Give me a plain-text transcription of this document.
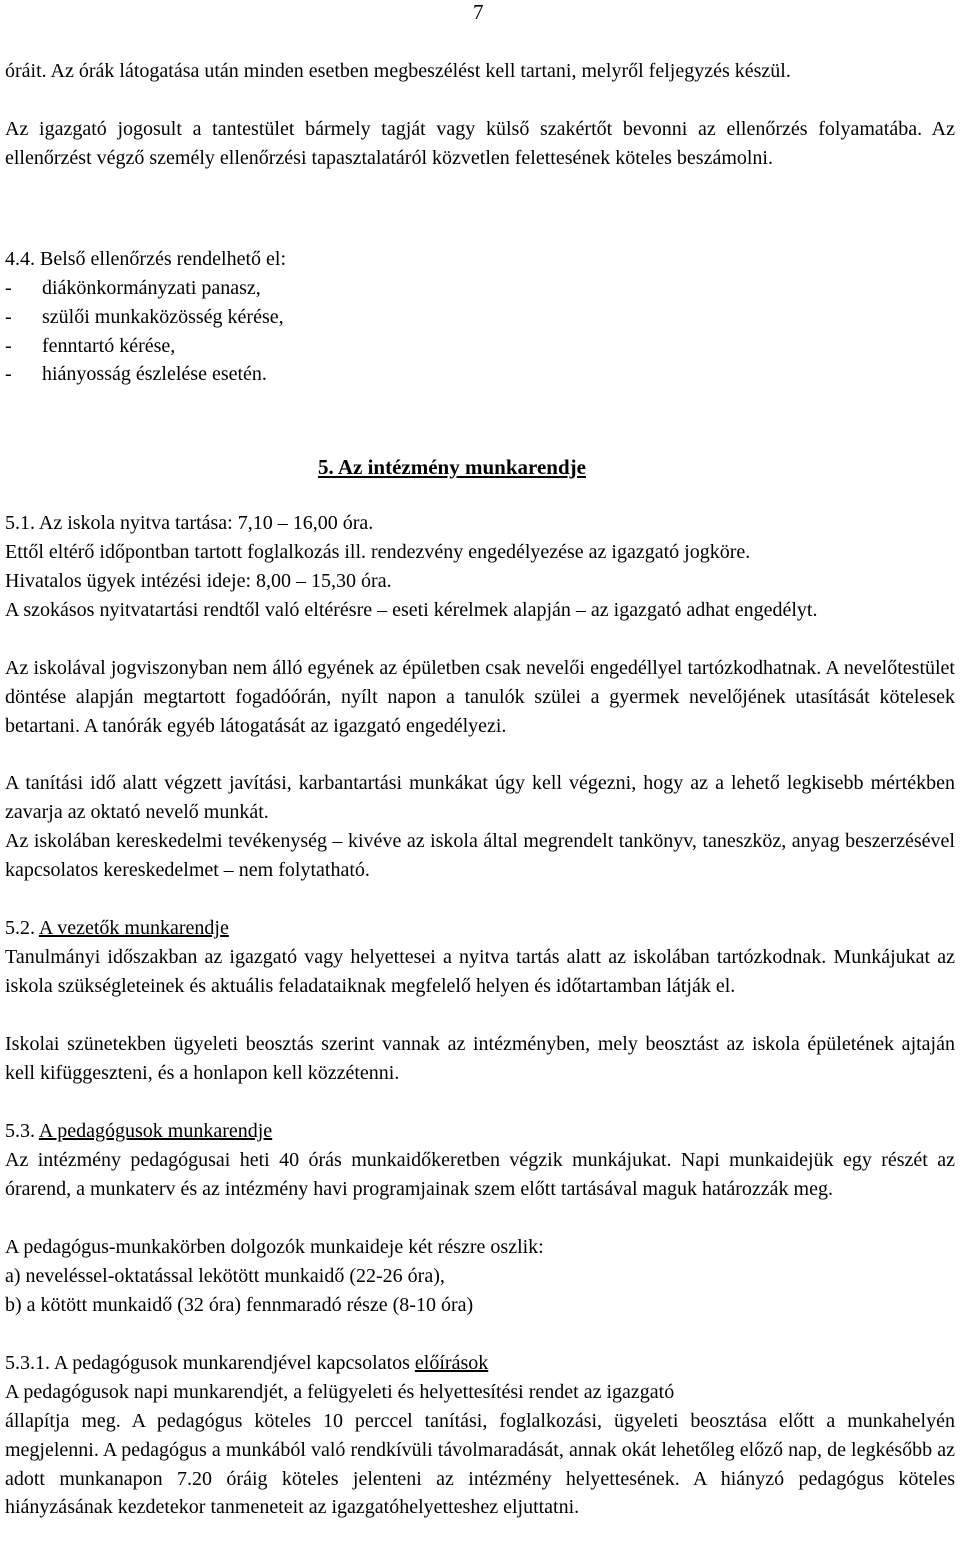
7

óráit. Az órák látogatása után minden esetben megbeszélést kell tartani, melyről feljegyzés készül.

Az igazgató jogosult a tantestület bármely tagját vagy külső szakértőt bevonni az ellenőrzés folyamatába. Az ellenőrzést végző személy ellenőrzési tapasztalatáról közvetlen felettesének köteles beszámolni.

4.4. Belső ellenőrzés rendelhető el:

- diákönkormányzati panasz,
- szülői munkaközösség kérése,
- fenntartó kérése,
- hiányosság észlelése esetén.
5. Az intézmény munkarendje

5.1. Az iskola nyitva tartása: 7,10 – 16,00 óra.

Ettől eltérő időpontban tartott foglalkozás ill. rendezvény engedélyezése az igazgató jogköre.

Hivatalos ügyek intézési ideje: 8,00 – 15,30 óra.

A szokásos nyitvatartási rendtől való eltérésre – eseti kérelmek alapján – az igazgató adhat engedélyt.

Az iskolával jogviszonyban nem álló egyének az épületben csak nevelői engedéllyel tartózkodhatnak. A nevelőtestület döntése alapján megtartott fogadóórán, nyílt napon a tanulók szülei a gyermek nevelőjének utasítását kötelesek betartani. A tanórák egyéb látogatását az igazgató engedélyezi.

A tanítási idő alatt végzett javítási, karbantartási munkákat úgy kell végezni, hogy az a lehető legkisebb mértékben zavarja az oktató nevelő munkát.

Az iskolában kereskedelmi tevékenység – kivéve az iskola által megrendelt tankönyv, taneszköz, anyag beszerzésével kapcsolatos kereskedelmet – nem folytatható.

5.2. A vezetők munkarendje

Tanulmányi időszakban az igazgató vagy helyettesei a nyitva tartás alatt az iskolában tartózkodnak. Munkájukat az iskola szükségleteinek és aktuális feladataiknak megfelelő helyen és időtartamban látják el.

Iskolai szünetekben ügyeleti beosztás szerint vannak az intézményben, mely beosztást az iskola épületének ajtaján kell kifüggeszteni, és a honlapon kell közzétenni.

5.3. A pedagógusok munkarendje

Az intézmény pedagógusai heti 40 órás munkaidőkeretben végzik munkájukat. Napi munkaidejük egy részét az órarend, a munkaterv és az intézmény havi programjainak szem előtt tartásával maguk határozzák meg.

A pedagógus-munkakörben dolgozók munkaideje két részre oszlik:

a) neveléssel-oktatással lekötött munkaidő (22-26 óra),

b) a kötött munkaidő (32 óra) fennmaradó része (8-10 óra)

5.3.1. A pedagógusok munkarendjével kapcsolatos előírások

A pedagógusok napi munkarendjét, a felügyeleti és helyettesítési rendet az igazgató

állapítja meg. A pedagógus köteles 10 perccel tanítási, foglalkozási, ügyeleti beosztása előtt a munkahelyén megjelenni. A pedagógus a munkából való rendkívüli távolmaradását, annak okát lehetőleg előző nap, de legkésőbb az adott munkanapon 7.20 óráig köteles jelenteni az intézmény helyettesének. A hiányzó pedagógus köteles hiányzásának kezdetekor tanmeneteit az igazgatóhelyetteshez eljuttatni.
